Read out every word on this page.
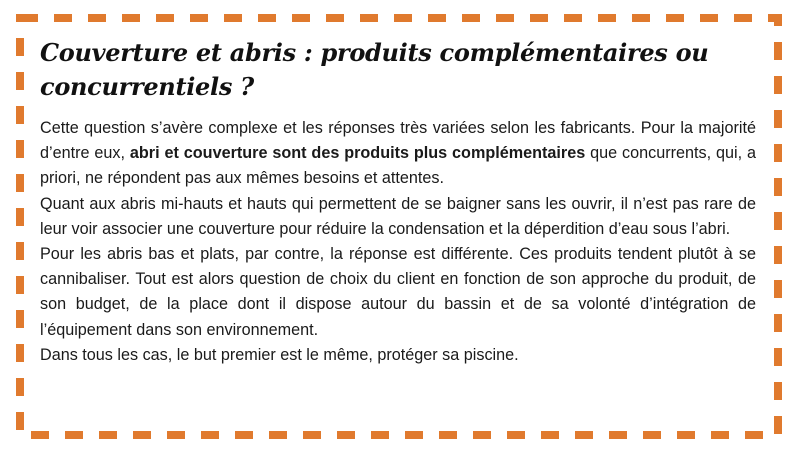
Couverture et abris : produits complémentaires ou concurrentiels ?

Cette question s’avère complexe et les réponses très variées selon les fabricants. Pour la majorité d’entre eux, abri et couverture sont des produits plus complémentaires que concurrents, qui, a priori, ne répondent pas aux mêmes besoins et attentes.

Quant aux abris mi-hauts et hauts qui permettent de se baigner sans les ouvrir, il n’est pas rare de leur voir associer une couverture pour réduire la condensation et la déperdition d’eau sous l’abri.

Pour les abris bas et plats, par contre, la réponse est différente. Ces produits tendent plutôt à se cannibaliser. Tout est alors question de choix du client en fonction de son approche du produit, de son budget, de la place dont il dispose autour du bassin et de sa volonté d’intégration de l’équipement dans son environnement.

Dans tous les cas, le but premier est le même, protéger sa piscine.
